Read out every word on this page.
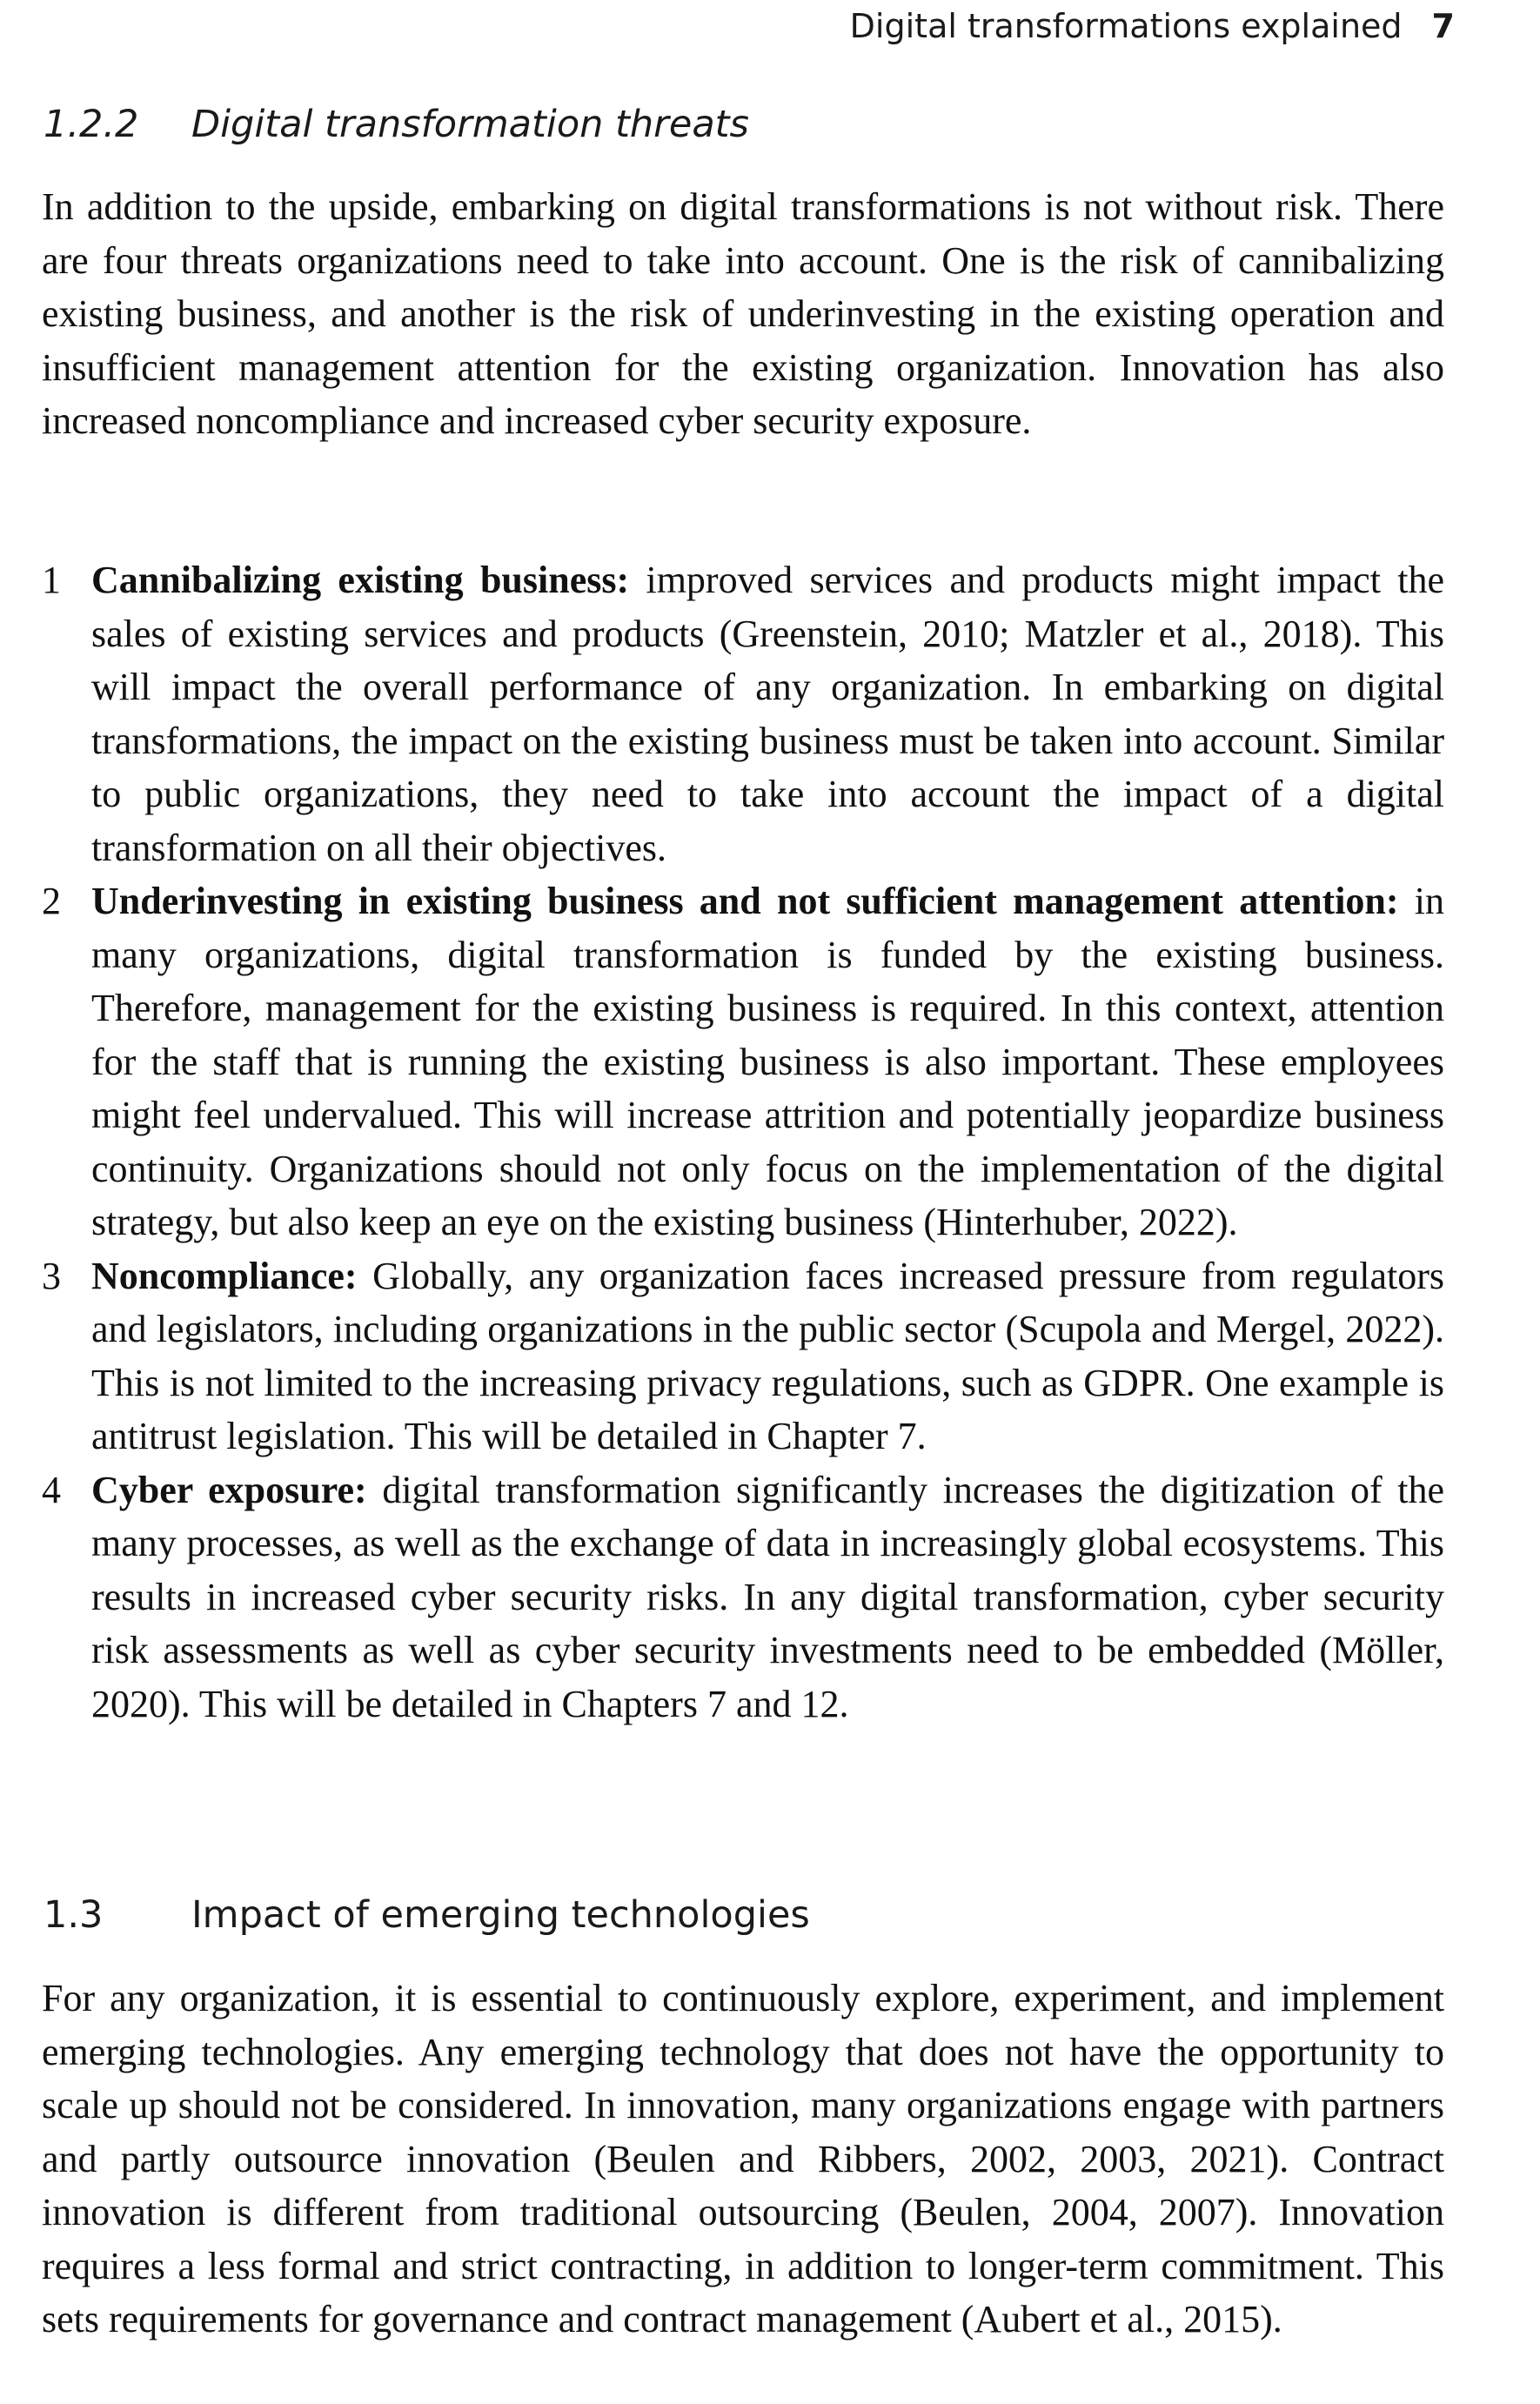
Digital transformations explained 7
1.2.2 Digital transformation threats

In addition to the upside, embarking on digital transformations is not without risk. There are four threats organizations need to take into account. One is the risk of cannibalizing existing business, and another is the risk of underinvesting in the existing operation and insufficient management attention for the existing organization. Innovation has also increased noncompliance and increased cyber security exposure.

1 Cannibalizing existing business: improved services and products might impact the sales of existing services and products (Greenstein, 2010; Matzler et al., 2018). This will impact the overall performance of any organization. In embarking on digital transformations, the impact on the existing business must be taken into account. Similar to public organizations, they need to take into account the impact of a digital transformation on all their objectives.
2 Underinvesting in existing business and not sufficient management attention: in many organizations, digital transformation is funded by the existing business. Therefore, management for the existing business is required. In this context, attention for the staff that is running the existing business is also important. These employees might feel undervalued. This will increase attrition and potentially jeopardize business continuity. Organizations should not only focus on the implementation of the digital strategy, but also keep an eye on the existing business (Hinterhuber, 2022).
3 Noncompliance: Globally, any organization faces increased pressure from regulators and legislators, including organizations in the public sector (Scupola and Mergel, 2022). This is not limited to the increasing privacy regulations, such as GDPR. One example is antitrust legislation. This will be detailed in Chapter 7.
4 Cyber exposure: digital transformation significantly increases the digitization of the many processes, as well as the exchange of data in increasingly global ecosystems. This results in increased cyber security risks. In any digital transformation, cyber security risk assessments as well as cyber security investments need to be embedded (Möller, 2020). This will be detailed in Chapters 7 and 12.
1.3 Impact of emerging technologies

For any organization, it is essential to continuously explore, experiment, and implement emerging technologies. Any emerging technology that does not have the opportunity to scale up should not be considered. In innovation, many organizations engage with partners and partly outsource innovation (Beulen and Ribbers, 2002, 2003, 2021). Contract innovation is different from traditional outsourcing (Beulen, 2004, 2007). Innovation requires a less formal and strict contracting, in addition to longer-term commitment. This sets requirements for governance and contract management (Aubert et al., 2015).
